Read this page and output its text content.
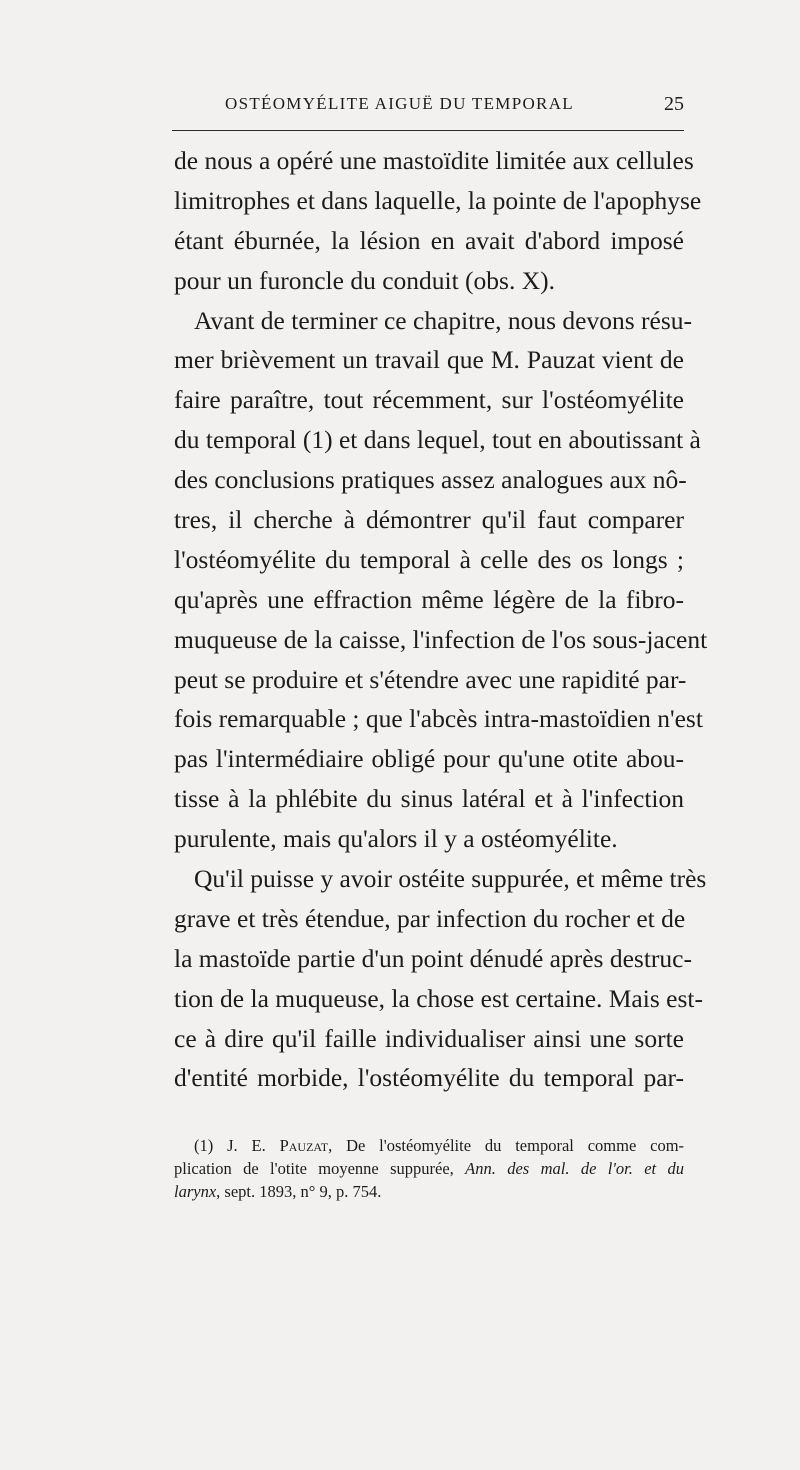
OSTÉOMYÉLITE AIGUË DU TEMPORAL	25
de nous a opéré une mastoïdite limitée aux cellules
limitrophes et dans laquelle, la pointe de l'apophyse
étant éburnée, la lésion en avait d'abord imposé
pour un furoncle du conduit (obs. X).
Avant de terminer ce chapitre, nous devons résu-
mer brièvement un travail que M. Pauzat vient de
faire paraître, tout récemment, sur l'ostéomyélite
du temporal (1) et dans lequel, tout en aboutissant à
des conclusions pratiques assez analogues aux nô-
tres, il cherche à démontrer qu'il faut comparer
l'ostéomyélite du temporal à celle des os longs ;
qu'après une effraction même légère de la fibro-
muqueuse de la caisse, l'infection de l'os sous-jacent
peut se produire et s'étendre avec une rapidité par-
fois remarquable ; que l'abcès intra-mastoïdien n'est
pas l'intermédiaire obligé pour qu'une otite abou-
tisse à la phlébite du sinus latéral et à l'infection
purulente, mais qu'alors il y a ostéomyélite.
Qu'il puisse y avoir ostéite suppurée, et même très
grave et très étendue, par infection du rocher et de
la mastoïde partie d'un point dénudé après destruc-
tion de la muqueuse, la chose est certaine. Mais est-
ce à dire qu'il faille individualiser ainsi une sorte
d'entité morbide, l'ostéomyélite du temporal par-
(1) J. E. Pauzat, De l'ostéomyélite du temporal comme com-
plication de l'otite moyenne suppurée, Ann. des mal. de l'or. et du
larynx, sept. 1893, n° 9, p. 754.
